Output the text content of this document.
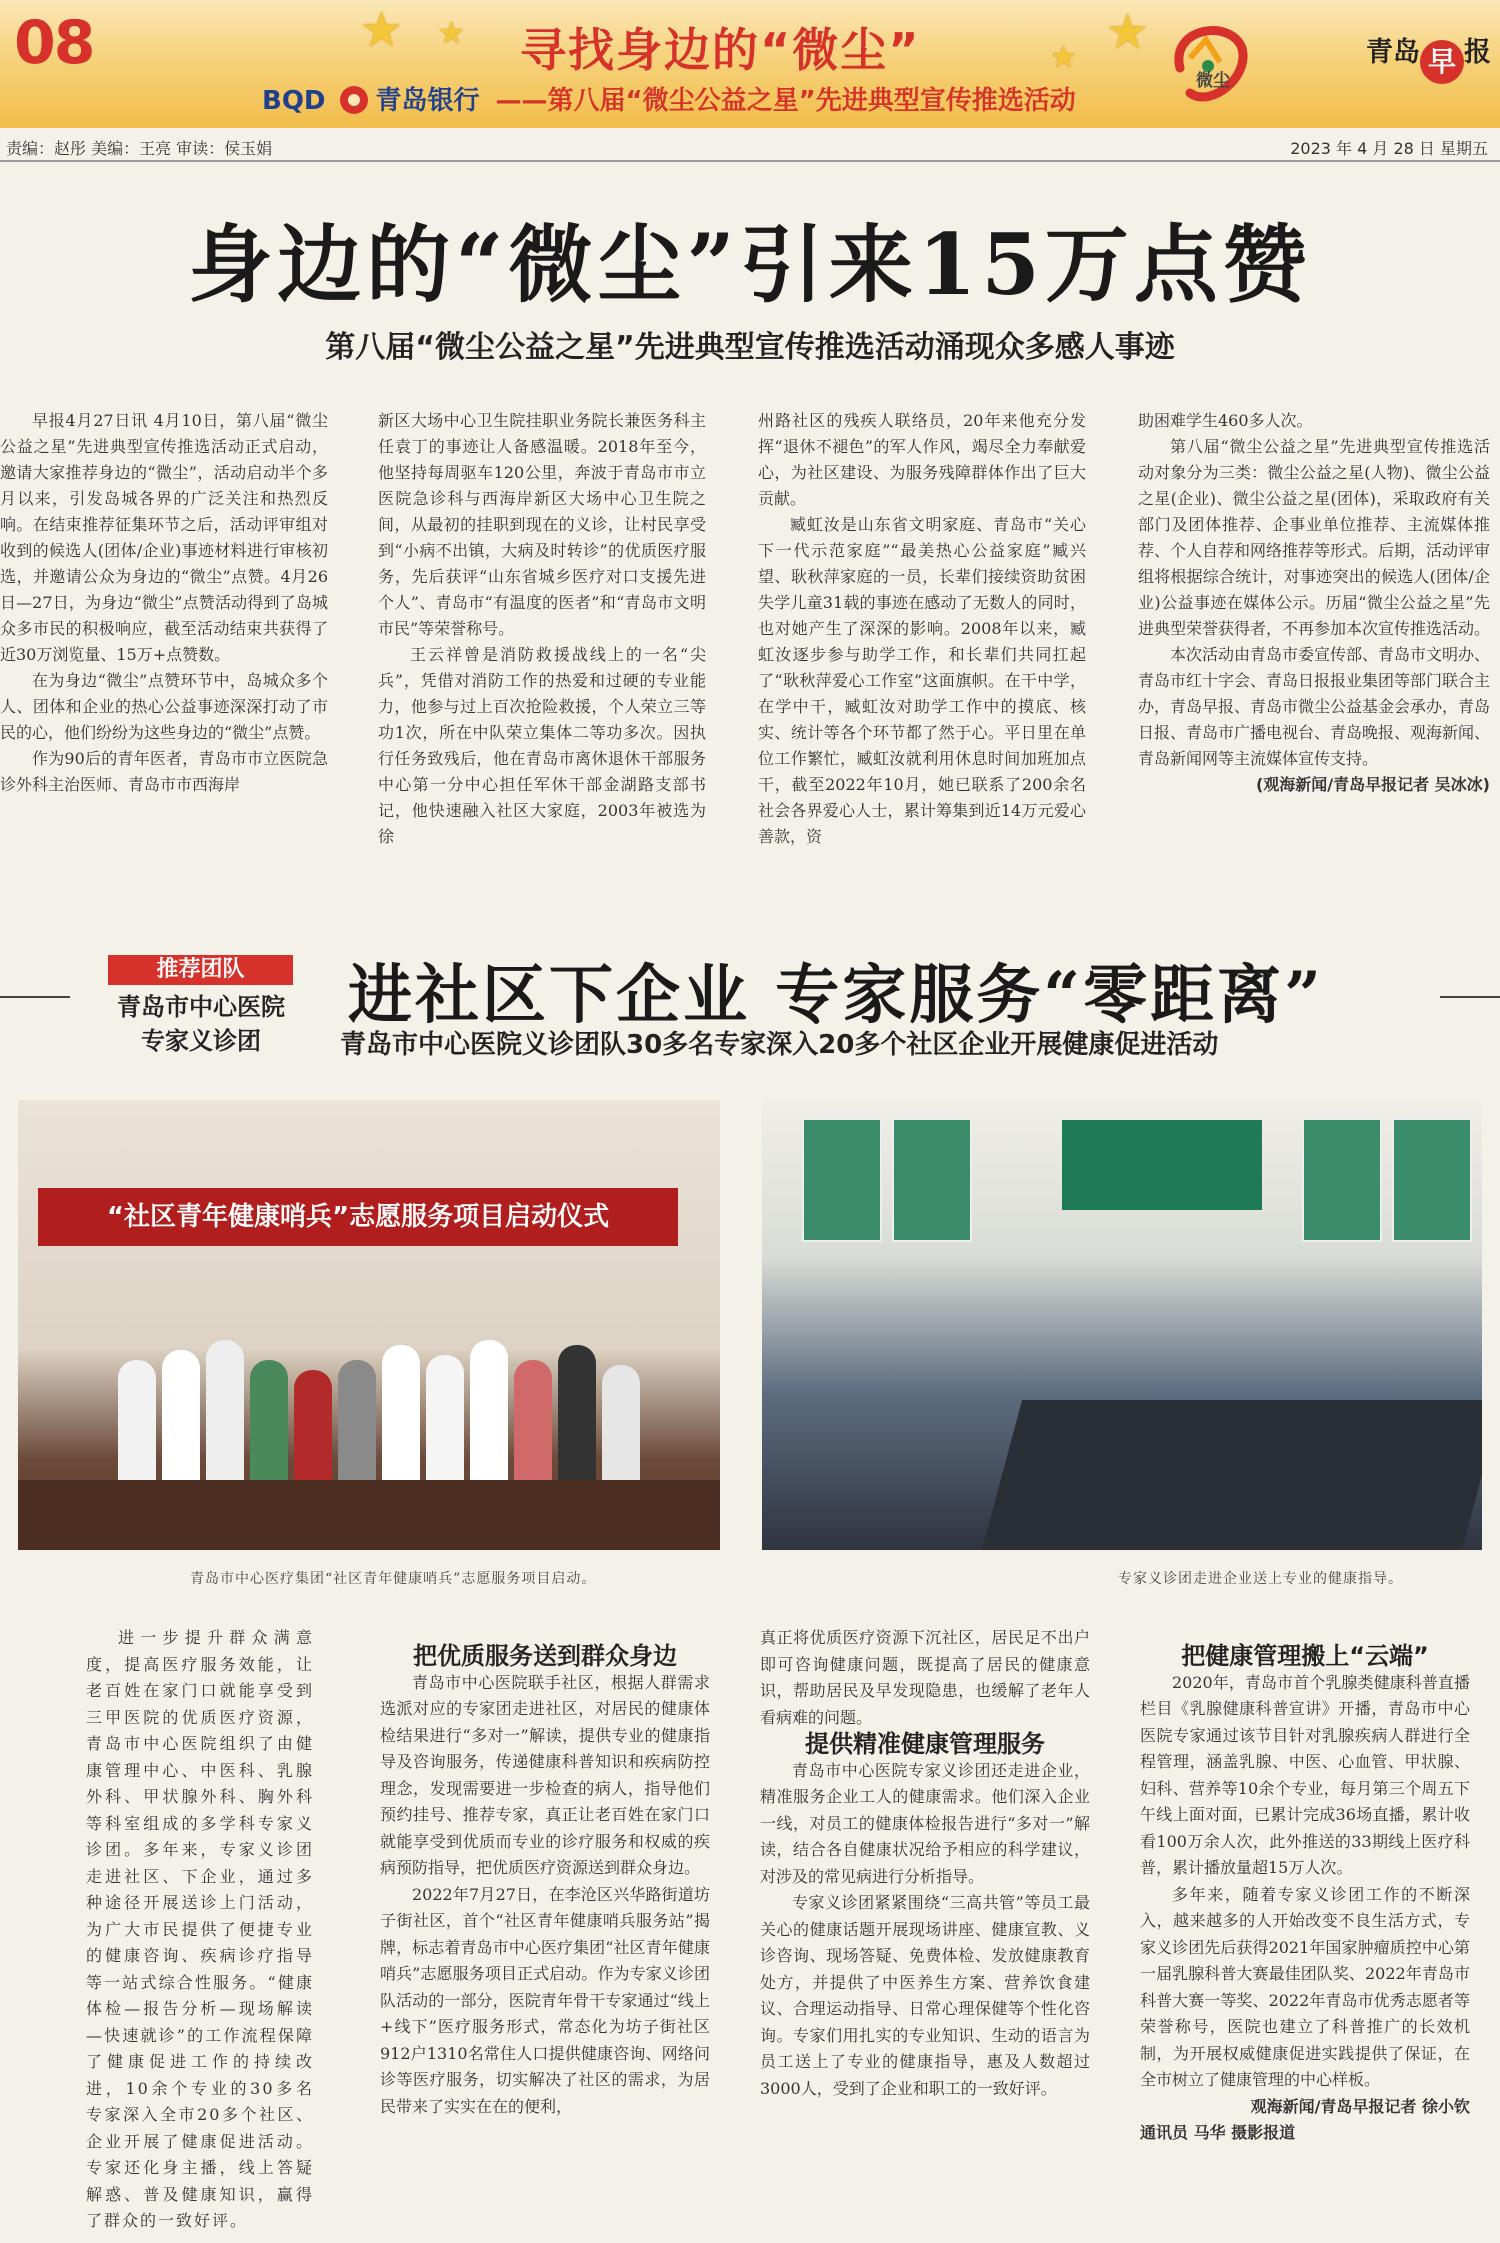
08	★ ★
★ ★
寻找身边的“微尘”
BQD 青岛银行 ——第八届“微尘公益之星”先进典型宣传推选活动
微尘
青岛 早 报
责编：赵彤 美编：王亮 审读：侯玉娟	2023 年 4 月 28 日 星期五
身边的“微尘”引来15万点赞
第八届“微尘公益之星”先进典型宣传推选活动涌现众多感人事迹

早报4月27日讯 4月10日，第八届“微尘公益之星”先进典型宣传推选活动正式启动，邀请大家推荐身边的“微尘”，活动启动半个多月以来，引发岛城各界的广泛关注和热烈反响。在结束推荐征集环节之后，活动评审组对收到的候选人(团体/企业)事迹材料进行审核初选，并邀请公众为身边的“微尘”点赞。4月26日—27日，为身边“微尘”点赞活动得到了岛城众多市民的积极响应，截至活动结束共获得了近30万浏览量、15万+点赞数。

在为身边“微尘”点赞环节中，岛城众多个人、团体和企业的热心公益事迹深深打动了市民的心，他们纷纷为这些身边的“微尘”点赞。

作为90后的青年医者，青岛市市立医院急诊外科主治医师、青岛市市西海岸

新区大场中心卫生院挂职业务院长兼医务科主任袁丁的事迹让人备感温暖。2018年至今，他坚持每周驱车120公里，奔波于青岛市市立医院急诊科与西海岸新区大场中心卫生院之间，从最初的挂职到现在的义诊，让村民享受到“小病不出镇，大病及时转诊”的优质医疗服务，先后获评“山东省城乡医疗对口支援先进个人”、青岛市“有温度的医者”和“青岛市文明市民”等荣誉称号。

王云祥曾是消防救援战线上的一名“尖兵”，凭借对消防工作的热爱和过硬的专业能力，他参与过上百次抢险救援，个人荣立三等功1次，所在中队荣立集体二等功多次。因执行任务致残后，他在青岛市离休退休干部服务中心第一分中心担任军休干部金湖路支部书记，他快速融入社区大家庭，2003年被选为徐

州路社区的残疾人联络员，20年来他充分发挥“退休不褪色”的军人作风，竭尽全力奉献爱心，为社区建设、为服务残障群体作出了巨大贡献。

臧虹汝是山东省文明家庭、青岛市“关心下一代示范家庭”“最美热心公益家庭”臧兴望、耿秋萍家庭的一员，长辈们接续资助贫困失学儿童31载的事迹在感动了无数人的同时，也对她产生了深深的影响。2008年以来，臧虹汝逐步参与助学工作，和长辈们共同扛起了“耿秋萍爱心工作室”这面旗帜。在干中学，在学中干，臧虹汝对助学工作中的摸底、核实、统计等各个环节都了然于心。平日里在单位工作繁忙，臧虹汝就利用休息时间加班加点干，截至2022年10月，她已联系了200余名社会各界爱心人士，累计筹集到近14万元爱心善款，资

助困难学生460多人次。

第八届“微尘公益之星”先进典型宣传推选活动对象分为三类：微尘公益之星(人物)、微尘公益之星(企业)、微尘公益之星(团体)，采取政府有关部门及团体推荐、企事业单位推荐、主流媒体推荐、个人自荐和网络推荐等形式。后期，活动评审组将根据综合统计，对事迹突出的候选人(团体/企业)公益事迹在媒体公示。历届“微尘公益之星”先进典型荣誉获得者，不再参加本次宣传推选活动。

本次活动由青岛市委宣传部、青岛市文明办、青岛市红十字会、青岛日报报业集团等部门联合主办，青岛早报、青岛市微尘公益基金会承办，青岛日报、青岛市广播电视台、青岛晚报、观海新闻、青岛新闻网等主流媒体宣传支持。

(观海新闻/青岛早报记者 吴冰冰)

推荐团队
青岛市中心医院
专家义诊团
进社区下企业 专家服务“零距离”
青岛市中心医院义诊团队30多名专家深入20多个社区企业开展健康促进活动
“社区青年健康哨兵”志愿服务项目启动仪式
青岛市中心医疗集团“社区青年健康哨兵”志愿服务项目启动。	专家义诊团走进企业送上专业的健康指导。

进一步提升群众满意度，提高医疗服务效能，让老百姓在家门口就能享受到三甲医院的优质医疗资源，青岛市中心医院组织了由健康管理中心、中医科、乳腺外科、甲状腺外科、胸外科等科室组成的多学科专家义诊团。多年来，专家义诊团走进社区、下企业，通过多种途径开展送诊上门活动，为广大市民提供了便捷专业的健康咨询、疾病诊疗指导等一站式综合性服务。“健康体检—报告分析—现场解读—快速就诊”的工作流程保障了健康促进工作的持续改进，10余个专业的30多名专家深入全市20多个社区、企业开展了健康促进活动。专家还化身主播，线上答疑解惑、普及健康知识，赢得了群众的一致好评。

把优质服务送到群众身边

青岛市中心医院联手社区，根据人群需求选派对应的专家团走进社区，对居民的健康体检结果进行“多对一”解读，提供专业的健康指导及咨询服务，传递健康科普知识和疾病防控理念，发现需要进一步检查的病人，指导他们预约挂号、推荐专家，真正让老百姓在家门口就能享受到优质而专业的诊疗服务和权威的疾病预防指导，把优质医疗资源送到群众身边。

2022年7月27日，在李沧区兴华路街道坊子街社区，首个“社区青年健康哨兵服务站”揭牌，标志着青岛市中心医疗集团“社区青年健康哨兵”志愿服务项目正式启动。作为专家义诊团队活动的一部分，医院青年骨干专家通过“线上+线下”医疗服务形式，常态化为坊子街社区912户1310名常住人口提供健康咨询、网络问诊等医疗服务，切实解决了社区的需求，为居民带来了实实在在的便利，

真正将优质医疗资源下沉社区，居民足不出户即可咨询健康问题，既提高了居民的健康意识，帮助居民及早发现隐患，也缓解了老年人看病难的问题。

提供精准健康管理服务

青岛市中心医院专家义诊团还走进企业，精准服务企业工人的健康需求。他们深入企业一线，对员工的健康体检报告进行“多对一”解读，结合各自健康状况给予相应的科学建议，对涉及的常见病进行分析指导。

专家义诊团紧紧围绕“三高共管”等员工最关心的健康话题开展现场讲座、健康宣教、义诊咨询、现场答疑、免费体检、发放健康教育处方，并提供了中医养生方案、营养饮食建议、合理运动指导、日常心理保健等个性化咨询。专家们用扎实的专业知识、生动的语言为员工送上了专业的健康指导，惠及人数超过3000人，受到了企业和职工的一致好评。

把健康管理搬上“云端”

2020年，青岛市首个乳腺类健康科普直播栏目《乳腺健康科普宣讲》开播，青岛市中心医院专家通过该节目针对乳腺疾病人群进行全程管理，涵盖乳腺、中医、心血管、甲状腺、妇科、营养等10余个专业，每月第三个周五下午线上面对面，已累计完成36场直播，累计收看100万余人次，此外推送的33期线上医疗科普，累计播放量超15万人次。

多年来，随着专家义诊团工作的不断深入，越来越多的人开始改变不良生活方式，专家义诊团先后获得2021年国家肿瘤质控中心第一届乳腺科普大赛最佳团队奖、2022年青岛市科普大赛一等奖、2022年青岛市优秀志愿者等荣誉称号，医院也建立了科普推广的长效机制，为开展权威健康促进实践提供了保证，在全市树立了健康管理的中心样板。

观海新闻/青岛早报记者 徐小钦

通讯员 马华 摄影报道
